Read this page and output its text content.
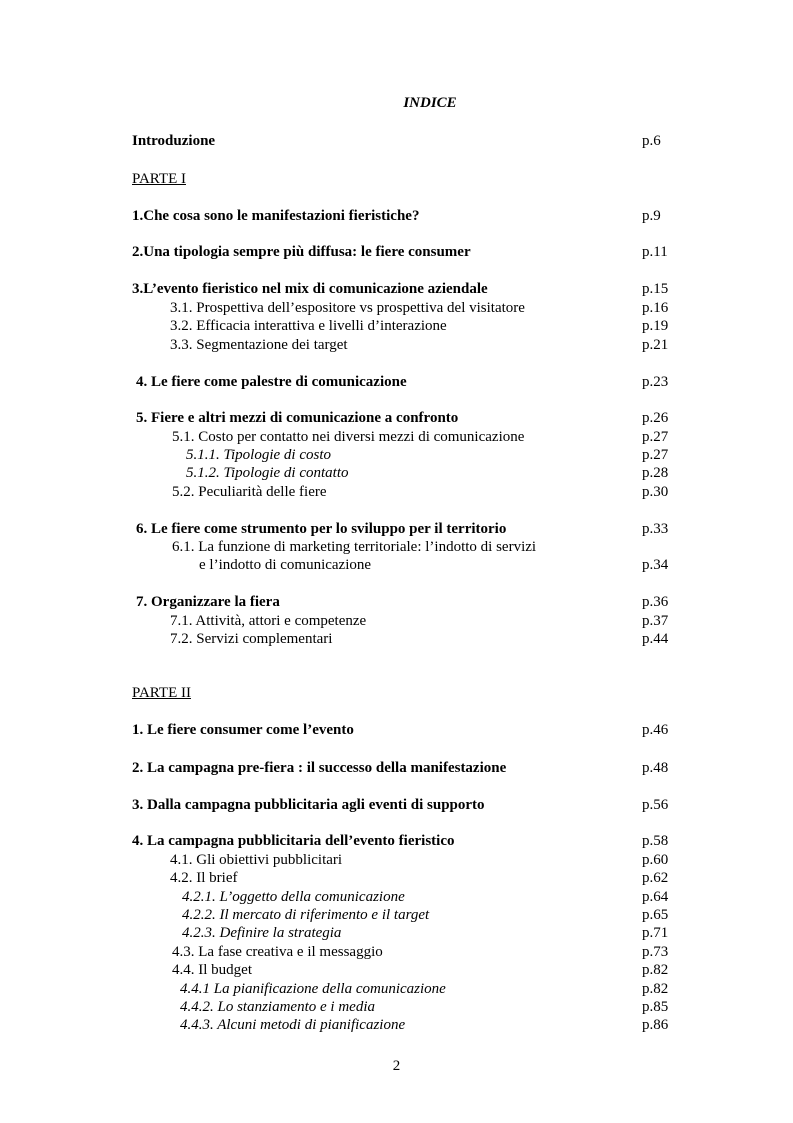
INDICE
Introduzione	p.6
PARTE I
1.Che cosa sono le manifestazioni fieristiche?	p.9
2.Una tipologia sempre più diffusa: le fiere consumer	p.11
3.L’evento fieristico nel mix di comunicazione aziendale	p.15
3.1. Prospettiva dell’espositore vs prospettiva del visitatore	p.16
3.2. Efficacia interattiva e livelli d’interazione	p.19
3.3. Segmentazione dei target	p.21
4. Le fiere come palestre di comunicazione	p.23
5. Fiere e altri mezzi di comunicazione a confronto	p.26
5.1. Costo per contatto nei diversi mezzi di comunicazione	p.27
5.1.1. Tipologie di costo	p.27
5.1.2. Tipologie di contatto	p.28
5.2. Peculiarità delle fiere	p.30
6. Le fiere come strumento per lo sviluppo per il territorio	p.33
6.1. La funzione di marketing territoriale: l’indotto di servizi
e l’indotto di comunicazione	p.34
7. Organizzare la fiera	p.36
7.1. Attività, attori e competenze	p.37
7.2. Servizi complementari	p.44
PARTE II
1. Le fiere consumer come l’evento	p.46
2. La campagna pre-fiera : il successo della manifestazione	p.48
3. Dalla campagna pubblicitaria agli eventi di supporto	p.56
4. La campagna pubblicitaria dell’evento fieristico	p.58
4.1. Gli obiettivi pubblicitari	p.60
4.2. Il brief	p.62
4.2.1. L’oggetto della comunicazione	p.64
4.2.2. Il mercato di riferimento e il target	p.65
4.2.3. Definire la strategia	p.71
4.3. La fase creativa e il messaggio	p.73
4.4. Il budget	p.82
4.4.1 La pianificazione della comunicazione	p.82
4.4.2. Lo stanziamento e i media	p.85
4.4.3. Alcuni metodi di pianificazione	p.86
2
